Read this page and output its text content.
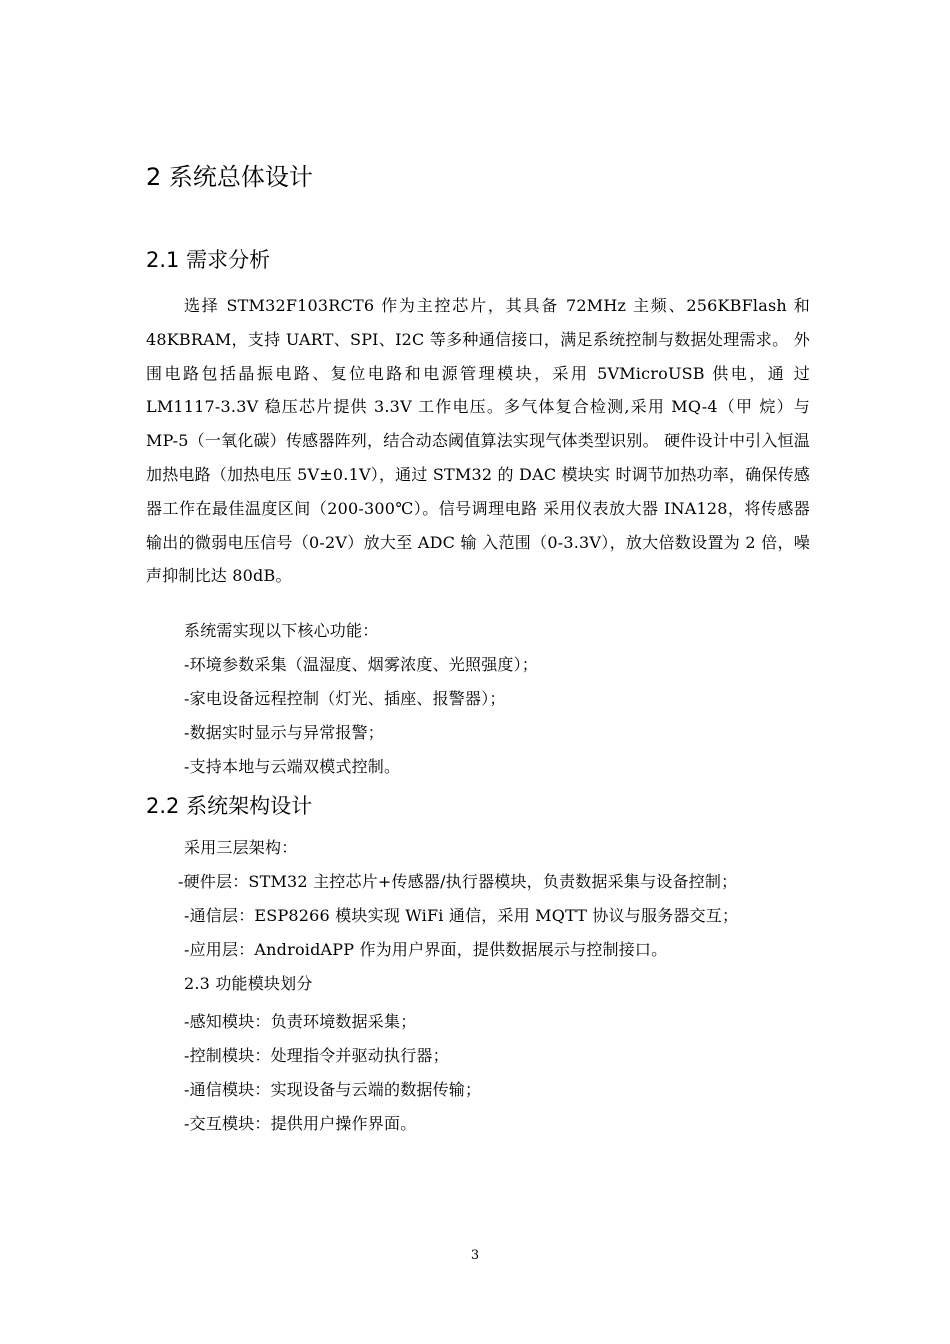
2 系统总体设计
2.1 需求分析
选择 STM32F103RCT6 作为主控芯片，其具备 72MHz 主频、256KBFlash 和 48KBRAM，支持 UART、SPI、I2C 等多种通信接口，满足系统控制与数据处理需求。 外围电路包括晶振电路、复位电路和电源管理模块，采用 5VMicroUSB 供电，通 过 LM1117-3.3V 稳压芯片提供 3.3V 工作电压。多气体复合检测,采用 MQ-4（甲 烷）与 MP-5（一氧化碳）传感器阵列，结合动态阈值算法实现气体类型识别。 硬件设计中引入恒温加热电路（加热电压 5V±0.1V），通过 STM32 的 DAC 模块实 时调节加热功率，确保传感器工作在最佳温度区间（200-300℃）。信号调理电路 采用仪表放大器 INA128，将传感器输出的微弱电压信号（0-2V）放大至 ADC 输 入范围（0-3.3V），放大倍数设置为 2 倍，噪声抑制比达 80dB。
系统需实现以下核心功能：
-环境参数采集（温湿度、烟雾浓度、光照强度）；
-家电设备远程控制（灯光、插座、报警器）；
-数据实时显示与异常报警；
-支持本地与云端双模式控制。
2.2 系统架构设计
采用三层架构：
-硬件层：STM32 主控芯片+传感器/执行器模块，负责数据采集与设备控制；
-通信层：ESP8266 模块实现 WiFi 通信，采用 MQTT 协议与服务器交互；
-应用层：AndroidAPP 作为用户界面，提供数据展示与控制接口。
2.3 功能模块划分
-感知模块：负责环境数据采集；
-控制模块：处理指令并驱动执行器；
-通信模块：实现设备与云端的数据传输；
-交互模块：提供用户操作界面。
3
